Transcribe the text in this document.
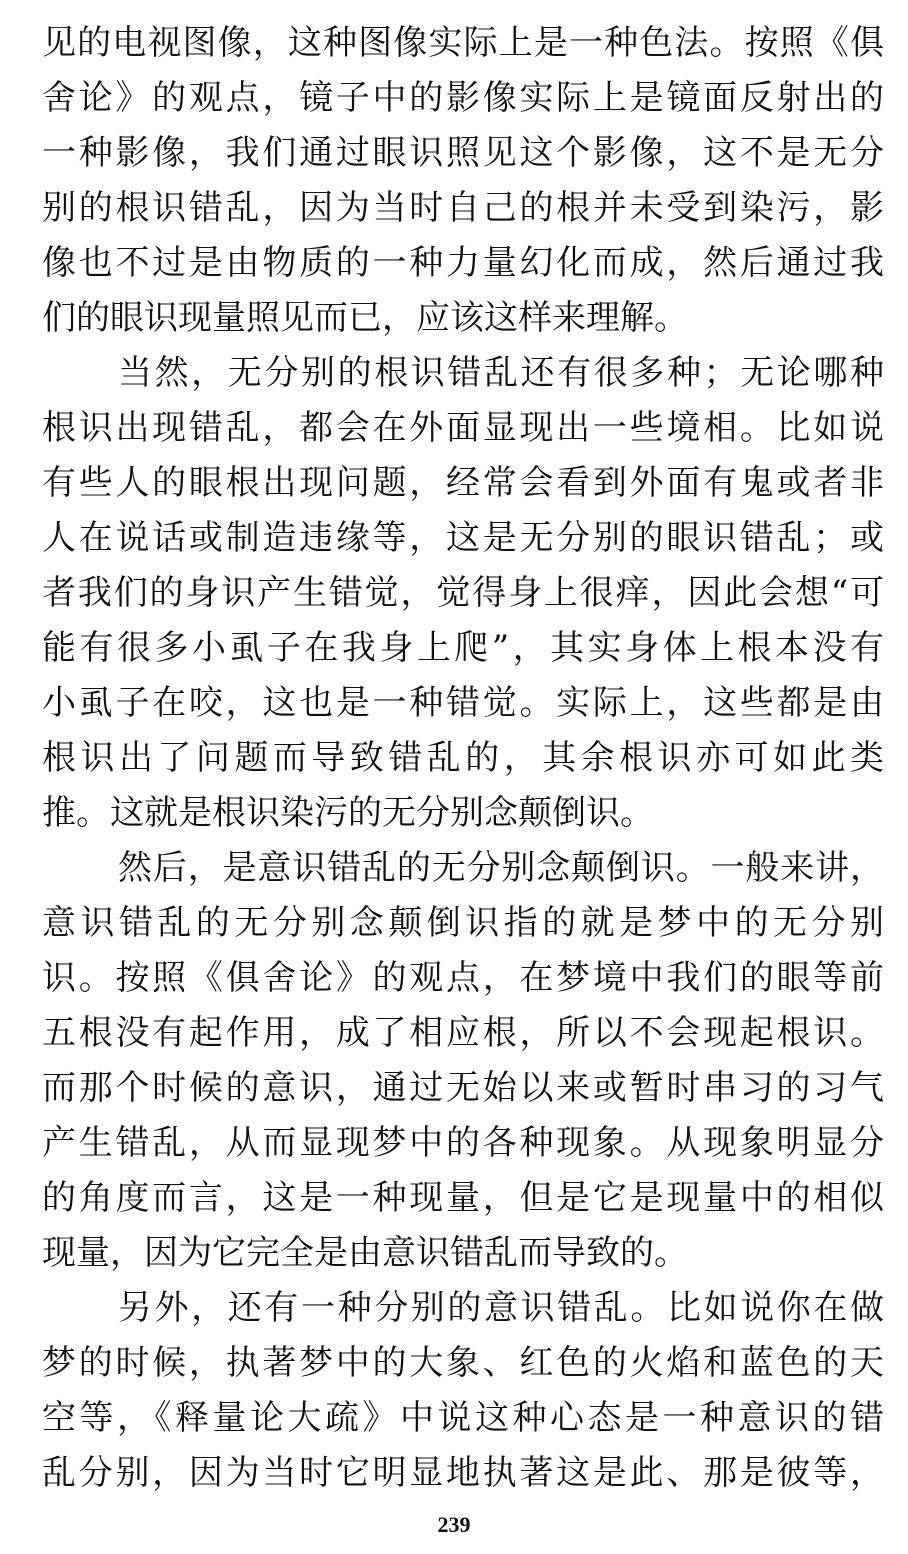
见的电视图像，这种图像实际上是一种色法。按照《俱
舍论》的观点，镜子中的影像实际上是镜面反射出的
一种影像，我们通过眼识照见这个影像，这不是无分
别的根识错乱，因为当时自己的根并未受到染污，影
像也不过是由物质的一种力量幻化而成，然后通过我
们的眼识现量照见而已，应该这样来理解。
当然，无分别的根识错乱还有很多种；无论哪种
根识出现错乱，都会在外面显现出一些境相。比如说
有些人的眼根出现问题，经常会看到外面有鬼或者非
人在说话或制造违缘等，这是无分别的眼识错乱；或
者我们的身识产生错觉，觉得身上很痒，因此会想“可
能有很多小虱子在我身上爬”，其实身体上根本没有
小虱子在咬，这也是一种错觉。实际上，这些都是由
根识出了问题而导致错乱的，其余根识亦可如此类
推。这就是根识染污的无分别念颠倒识。
然后，是意识错乱的无分别念颠倒识。一般来讲，
意识错乱的无分别念颠倒识指的就是梦中的无分别
识。按照《俱舍论》的观点，在梦境中我们的眼等前
五根没有起作用，成了相应根，所以不会现起根识。
而那个时候的意识，通过无始以来或暂时串习的习气
产生错乱，从而显现梦中的各种现象。从现象明显分
的角度而言，这是一种现量，但是它是现量中的相似
现量，因为它完全是由意识错乱而导致的。
另外，还有一种分别的意识错乱。比如说你在做
梦的时候，执著梦中的大象、红色的火焰和蓝色的天
空等，《释量论大疏》中说这种心态是一种意识的错
乱分别，因为当时它明显地执著这是此、那是彼等，
239
